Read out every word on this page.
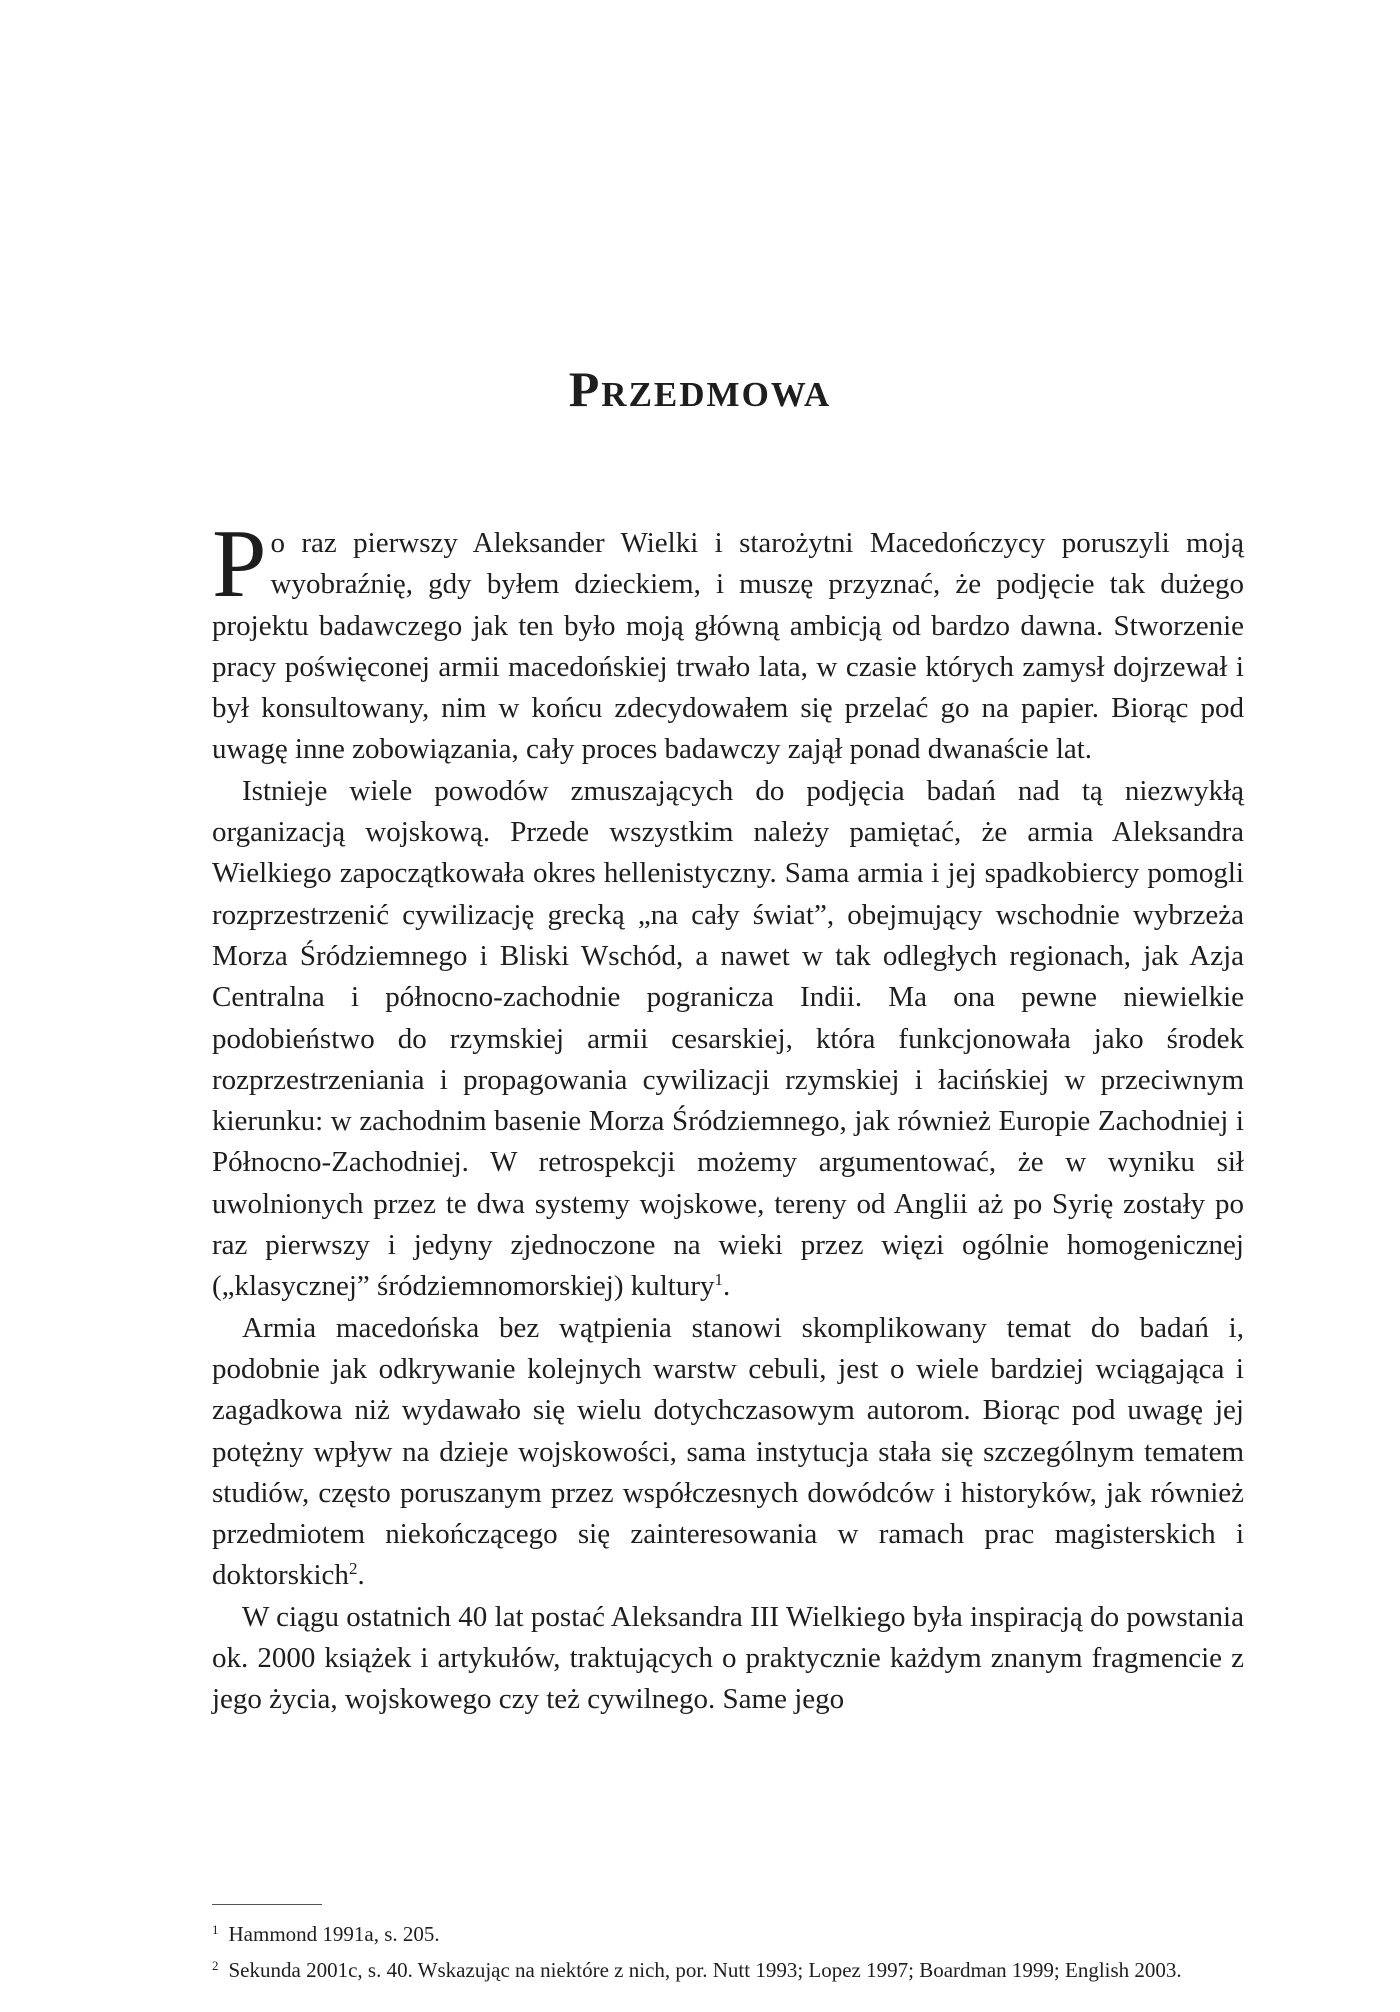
Przedmowa

Po raz pierwszy Aleksander Wielki i starożytni Macedończycy poruszyli moją wyobraźnię, gdy byłem dzieckiem, i muszę przyznać, że podjęcie tak dużego projektu badawczego jak ten było moją główną ambicją od bardzo dawna. Stworzenie pracy poświęconej armii macedońskiej trwało lata, w czasie których zamysł dojrzewał i był konsultowany, nim w końcu zdecydowałem się przelać go na papier. Biorąc pod uwagę inne zobowiązania, cały proces badawczy zajął ponad dwanaście lat.

Istnieje wiele powodów zmuszających do podjęcia badań nad tą niezwykłą organizacją wojskową. Przede wszystkim należy pamiętać, że armia Aleksandra Wielkiego zapoczątkowała okres hellenistyczny. Sama armia i jej spadkobiercy pomogli rozprzestrzenić cywilizację grecką „na cały świat”, obejmujący wschodnie wybrzeża Morza Śródziemnego i Bliski Wschód, a nawet w tak odległych regionach, jak Azja Centralna i północno-zachodnie pogranicza Indii. Ma ona pewne niewielkie podobieństwo do rzymskiej armii cesarskiej, która funkcjonowała jako środek rozprzestrzeniania i propagowania cywilizacji rzymskiej i łacińskiej w przeciwnym kierunku: w zachodnim basenie Morza Śródziemnego, jak również Europie Zachodniej i Północno-Zachodniej. W retrospekcji możemy argumentować, że w wyniku sił uwolnionych przez te dwa systemy wojskowe, tereny od Anglii aż po Syrię zostały po raz pierwszy i jedyny zjednoczone na wieki przez więzi ogólnie homogenicznej („klasycznej” śródziemnomorskiej) kultury$^1$.

Armia macedońska bez wątpienia stanowi skomplikowany temat do badań i, podobnie jak odkrywanie kolejnych warstw cebuli, jest o wiele bardziej wciągająca i zagadkowa niż wydawało się wielu dotychczasowym autorom. Biorąc pod uwagę jej potężny wpływ na dzieje wojskowości, sama instytucja stała się szczególnym tematem studiów, często poruszanym przez współczesnych dowódców i historyków, jak również przedmiotem niekończącego się zainteresowania w ramach prac magisterskich i doktorskich$^2$.

W ciągu ostatnich 40 lat postać Aleksandra III Wielkiego była inspiracją do powstania ok. 2000 książek i artykułów, traktujących o praktycznie każdym znanym fragmencie z jego życia, wojskowego czy też cywilnego. Same jego

$^1$ Hammond 1991a, s. 205.

$^2$ Sekunda 2001c, s. 40. Wskazując na niektóre z nich, por. Nutt 1993; Lopez 1997; Boardman 1999; English 2003.
